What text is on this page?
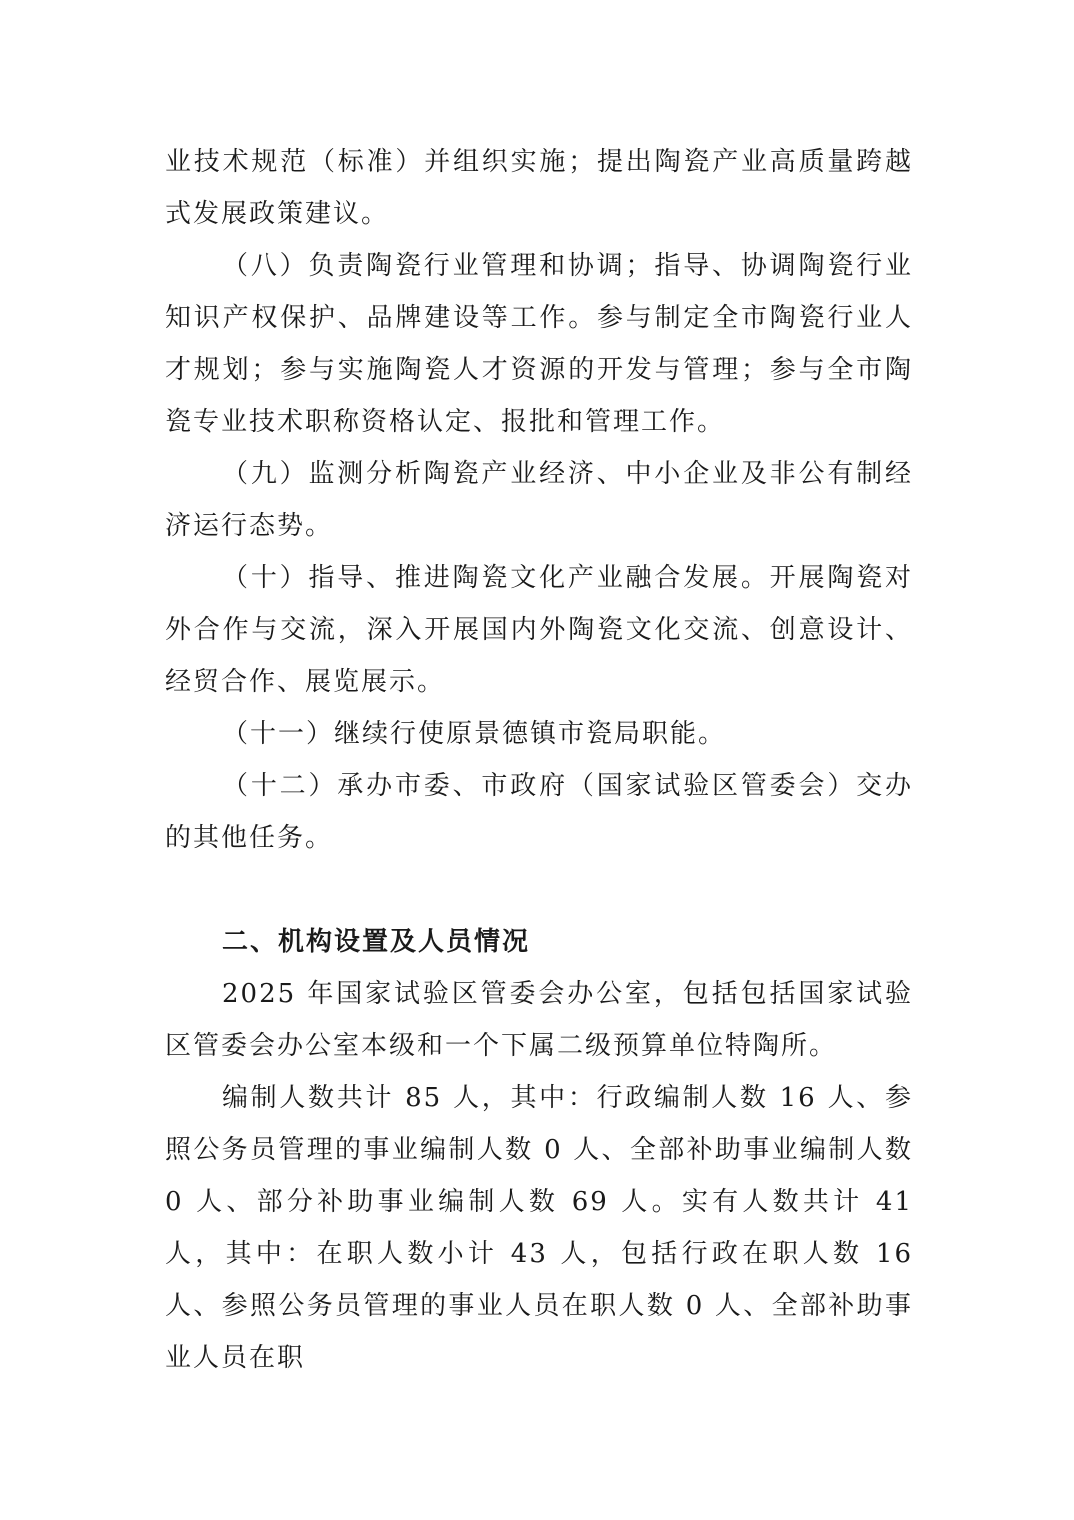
业技术规范（标准）并组织实施；提出陶瓷产业高质量跨越式发展政策建议。

（八）负责陶瓷行业管理和协调；指导、协调陶瓷行业知识产权保护、品牌建设等工作。参与制定全市陶瓷行业人才规划；参与实施陶瓷人才资源的开发与管理；参与全市陶瓷专业技术职称资格认定、报批和管理工作。

（九）监测分析陶瓷产业经济、中小企业及非公有制经济运行态势。

（十）指导、推进陶瓷文化产业融合发展。开展陶瓷对外合作与交流，深入开展国内外陶瓷文化交流、创意设计、经贸合作、展览展示。

（十一）继续行使原景德镇市瓷局职能。

（十二）承办市委、市政府（国家试验区管委会）交办的其他任务。

二、机构设置及人员情况

2025 年国家试验区管委会办公室，包括包括国家试验区管委会办公室本级和一个下属二级预算单位特陶所。

编制人数共计 85 人，其中：行政编制人数 16 人、参照公务员管理的事业编制人数 0 人、全部补助事业编制人数 0 人、部分补助事业编制人数 69 人。实有人数共计 41 人，其中：在职人数小计 43 人，包括行政在职人数 16 人、参照公务员管理的事业人员在职人数 0 人、全部补助事业人员在职
